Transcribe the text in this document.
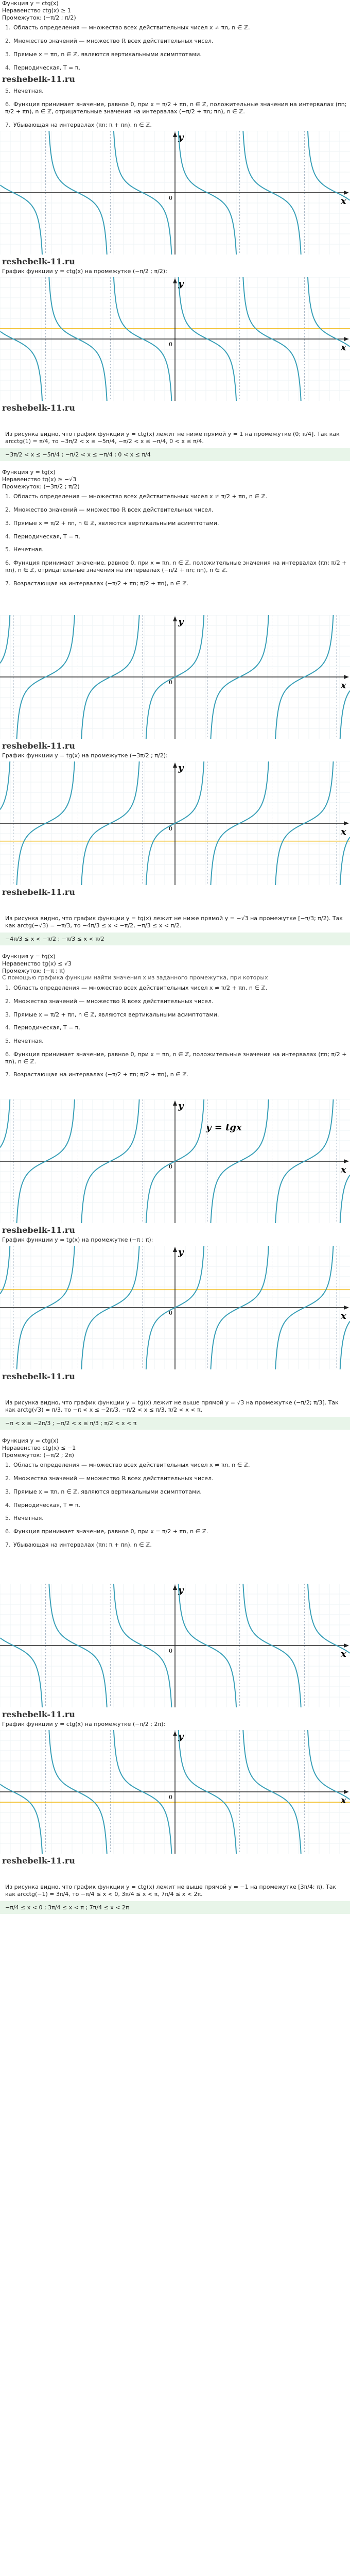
Функция y = ctg(x)
Неравенство ctg(x) ≥ 1
Промежуток: (−π/2 ; π/2)
1. Область определения — множество всех действительных чисел x ≠ πn, n ∈ ℤ.
2. Множество значений — множество ℝ всех действительных чисел.
3. Прямые x = πn, n ∈ ℤ, являются вертикальными асимптотами.
4. Периодическая, T = π.
reshebelk-11.ru
5. Нечетная.
6. Функция принимает значение, равное 0, при x = π/2 + πn, n ∈ ℤ, положительные значения на интервалах (πn; π/2 + πn), n ∈ ℤ, отрицательные значения на интервалах (−π/2 + πn; πn), n ∈ ℤ.
7. Убывающая на интервалах (πn; π + πn), n ∈ ℤ.
x
y
0
reshebelk-11.ru
График функции y = ctg(x) на промежутке (−π/2 ; π/2):
x
y
0
reshebelk-11.ru
Из рисунка видно, что график функции y = ctg(x) лежит не ниже прямой y = 1 на промежутке (0; π/4]. Так как arcctg(1) = π/4, то −3π/2 < x ≤ −5π/4, −π/2 < x ≤ −π/4, 0 < x ≤ π/4.
−3π/2 < x ≤ −5π/4 ; −π/2 < x ≤ −π/4 ; 0 < x ≤ π/4
Функция y = tg(x)
Неравенство tg(x) ≥ −√3
Промежуток: (−3π/2 ; π/2)
1. Область определения — множество всех действительных чисел x ≠ π/2 + πn, n ∈ ℤ.
2. Множество значений — множество ℝ всех действительных чисел.
3. Прямые x = π/2 + πn, n ∈ ℤ, являются вертикальными асимптотами.
4. Периодическая, T = π.
5. Нечетная.
6. Функция принимает значение, равное 0, при x = πn, n ∈ ℤ, положительные значения на интервалах (πn; π/2 + πn), n ∈ ℤ, отрицательные значения на интервалах (−π/2 + πn; πn), n ∈ ℤ.
7. Возрастающая на интервалах (−π/2 + πn; π/2 + πn), n ∈ ℤ.
x
y
0
reshebelk-11.ru
График функции y = tg(x) на промежутке (−3π/2 ; π/2):
x
y
0
reshebelk-11.ru
Из рисунка видно, что график функции y = tg(x) лежит не ниже прямой y = −√3 на промежутке [−π/3; π/2). Так как arctg(−√3) = −π/3, то −4π/3 ≤ x < −π/2, −π/3 ≤ x < π/2.
−4π/3 ≤ x < −π/2 ; −π/3 ≤ x < π/2
Функция y = tg(x)
Неравенство tg(x) ≤ √3
Промежуток: (−π ; π)
С помощью графика функции найти значения x из заданного промежутка, при которых
1. Область определения — множество всех действительных чисел x ≠ π/2 + πn, n ∈ ℤ.
2. Множество значений — множество ℝ всех действительных чисел.
3. Прямые x = π/2 + πn, n ∈ ℤ, являются вертикальными асимптотами.
4. Периодическая, T = π.
5. Нечетная.
6. Функция принимает значение, равное 0, при x = πn, n ∈ ℤ, положительные значения на интервалах (πn; π/2 + πn), n ∈ ℤ.
7. Возрастающая на интервалах (−π/2 + πn; π/2 + πn), n ∈ ℤ.
x
y
0
y = tgx
reshebelk-11.ru
График функции y = tg(x) на промежутке (−π ; π):
x
y
0
reshebelk-11.ru
Из рисунка видно, что график функции y = tg(x) лежит не выше прямой y = √3 на промежутке (−π/2; π/3]. Так как arctg(√3) = π/3, то −π < x ≤ −2π/3, −π/2 < x ≤ π/3, π/2 < x < π.
−π < x ≤ −2π/3 ; −π/2 < x ≤ π/3 ; π/2 < x < π
Функция y = ctg(x)
Неравенство ctg(x) ≤ −1
Промежуток: (−π/2 ; 2π)
1. Область определения — множество всех действительных чисел x ≠ πn, n ∈ ℤ.
2. Множество значений — множество ℝ всех действительных чисел.
3. Прямые x = πn, n ∈ ℤ, являются вертикальными асимптотами.
4. Периодическая, T = π.
5. Нечетная.
6. Функция принимает значение, равное 0, при x = π/2 + πn, n ∈ ℤ.
7. Убывающая на интервалах (πn; π + πn), n ∈ ℤ.
x
y
0
reshebelk-11.ru
График функции y = ctg(x) на промежутке (−π/2 ; 2π):
x
y
0
reshebelk-11.ru
Из рисунка видно, что график функции y = ctg(x) лежит не выше прямой y = −1 на промежутке [3π/4; π). Так как arcctg(−1) = 3π/4, то −π/4 ≤ x < 0, 3π/4 ≤ x < π, 7π/4 ≤ x < 2π.
−π/4 ≤ x < 0 ; 3π/4 ≤ x < π ; 7π/4 ≤ x < 2π
